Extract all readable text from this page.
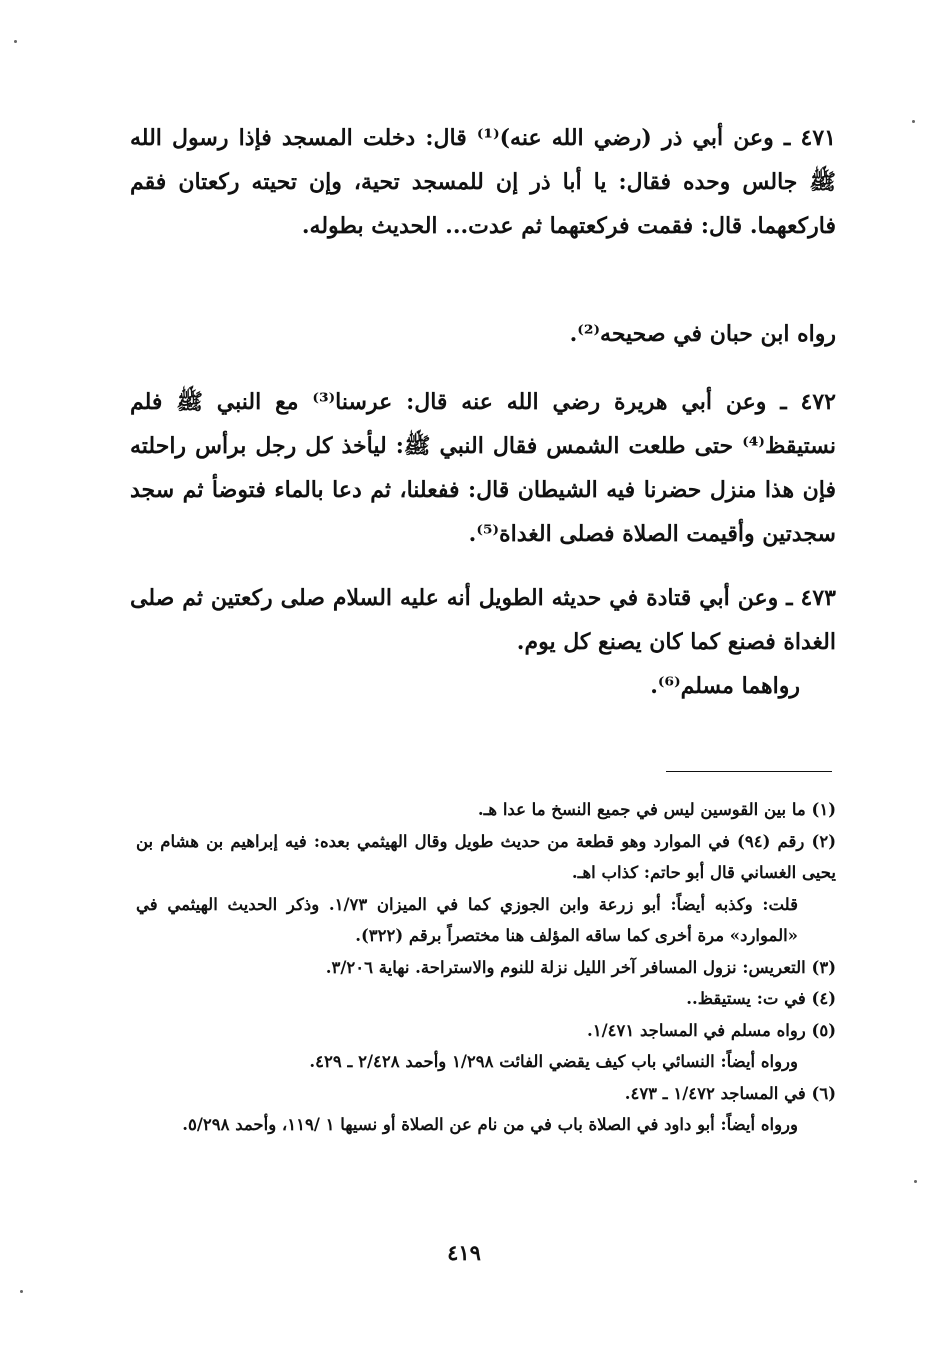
٤٧١ ـ وعن أبي ذر (رضي الله عنه)⁽¹⁾ قال: دخلت المسجد فإذا رسول الله ﷺ جالس وحده فقال: يا أبا ذر إن للمسجد تحية، وإن تحيته ركعتان فقم فاركعهما. قال: فقمت فركعتهما ثم عدت... الحديث بطوله.

رواه ابن حبان في صحيحه⁽²⁾.

٤٧٢ ـ وعن أبي هريرة رضي الله عنه قال: عرسنا⁽³⁾ مع النبي ﷺ فلم نستيقظ⁽⁴⁾ حتى طلعت الشمس فقال النبي ﷺ: ليأخذ كل رجل برأس راحلته فإن هذا منزل حضرنا فيه الشيطان قال: ففعلنا، ثم دعا بالماء فتوضأ ثم سجد سجدتين وأقيمت الصلاة فصلى الغداة⁽⁵⁾.

٤٧٣ ـ وعن أبي قتادة في حديثه الطويل أنه عليه السلام صلى ركعتين ثم صلى الغداة فصنع كما كان يصنع كل يوم.

رواهما مسلم⁽⁶⁾.

(١) ما بين القوسين ليس في جميع النسخ ما عدا هـ.

(٢) رقم (٩٤) في الموارد وهو قطعة من حديث طويل وقال الهيثمي بعده: فيه إبراهيم بن هشام بن يحيى الغساني قال أبو حاتم: كذاب اهـ.

قلت: وكذبه أيضاً: أبو زرعة وابن الجوزي كما في الميزان ١/٧٣. وذكر الحديث الهيثمي في «الموارد» مرة أخرى كما ساقه المؤلف هنا مختصراً برقم (٣٢٢).

(٣) التعريس: نزول المسافر آخر الليل نزلة للنوم والاستراحة. نهاية ٣/٢٠٦.

(٤) في ت: يستيقظ..

(٥) رواه مسلم في المساجد ١/٤٧١.

ورواه أيضاً: النسائي باب كيف يقضي الفائت ١/٢٩٨ وأحمد ٢/٤٢٨ ـ ٤٢٩.

(٦) في المساجد ١/٤٧٢ ـ ٤٧٣.

ورواه أيضاً: أبو داود في الصلاة باب في من نام عن الصلاة أو نسيها ١ /١١٩، وأحمد ٥/٢٩٨.

٤١٩
